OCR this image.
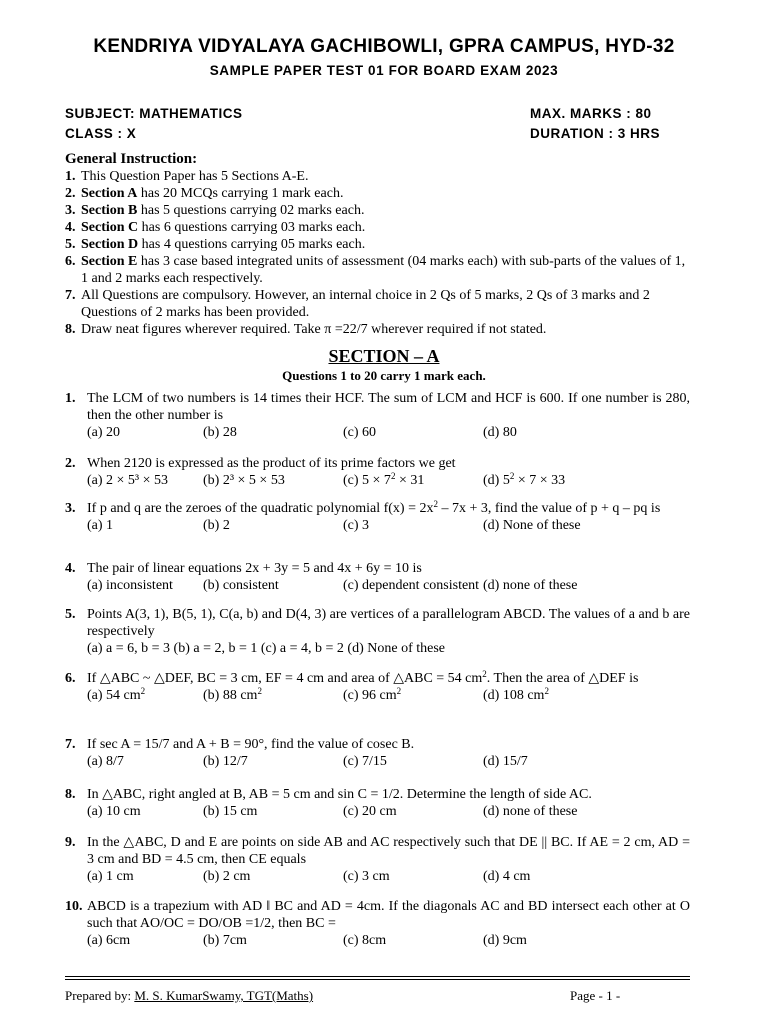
KENDRIYA VIDYALAYA GACHIBOWLI, GPRA CAMPUS, HYD-32
SAMPLE PAPER TEST 01 FOR BOARD EXAM 2023
SUBJECT: MATHEMATICS
CLASS : X
MAX. MARKS : 80
DURATION : 3 HRS
General Instruction:
1. This Question Paper has 5 Sections A-E.
2. Section A has 20 MCQs carrying 1 mark each.
3. Section B has 5 questions carrying 02 marks each.
4. Section C has 6 questions carrying 03 marks each.
5. Section D has 4 questions carrying 05 marks each.
6. Section E has 3 case based integrated units of assessment (04 marks each) with sub-parts of the values of 1, 1 and 2 marks each respectively.
7. All Questions are compulsory. However, an internal choice in 2 Qs of 5 marks, 2 Qs of 3 marks and 2 Questions of 2 marks has been provided.
8. Draw neat figures wherever required. Take π =22/7 wherever required if not stated.
SECTION – A
Questions 1 to 20 carry 1 mark each.
1. The LCM of two numbers is 14 times their HCF. The sum of LCM and HCF is 600. If one number is 280, then the other number is
(a) 20	(b) 28	(c) 60	(d) 80
2. When 2120 is expressed as the product of its prime factors we get
(a) 2 × 5³ × 53 (b) 2³ × 5 × 53	(c) $5 \times 7^2 \times 31$	(d) $5^2 \times 7 \times 33$
3. If p and q are the zeroes of the quadratic polynomial $f(x) = 2x^2 - 7x + 3$, find the value of p + q – pq is
(a) 1	(b) 2	(c) 3	(d) None of these
4. The pair of linear equations 2x + 3y = 5 and 4x + 6y = 10 is
(a) inconsistent (b) consistent	(c) dependent consistent (d) none of these
5. Points A(3, 1), B(5, 1), C(a, b) and D(4, 3) are vertices of a parallelogram ABCD. The values of a and b are respectively
(a) a = 6, b = 3 (b) a = 2, b = 1 (c) a = 4, b = 2 (d) None of these
6. If △ABC ~ △DEF, BC = 3 cm, EF = 4 cm and area of △ABC = 54 $cm^2$. Then the area of △DEF is
(a) 54 $cm^2$	(b) 88 $cm^2$	(c) 96 $cm^2$	(d) 108 $cm^2$
7. If sec A = 15/7 and A + B = 90°, find the value of cosec B.
(a) 8/7	(b) 12/7	(c) 7/15	(d) 15/7
8. In △ABC, right angled at B, AB = 5 cm and sin C = 1/2. Determine the length of side AC.
(a) 10 cm	(b) 15 cm	(c) 20 cm	(d) none of these
9. In the △ABC, D and E are points on side AB and AC respectively such that DE || BC. If AE = 2 cm, AD = 3 cm and BD = 4.5 cm, then CE equals
(a) 1 cm	(b) 2 cm	(c) 3 cm	(d) 4 cm
10. ABCD is a trapezium with AD ‖ BC and AD = 4cm. If the diagonals AC and BD intersect each other at O such that AO/OC = DO/OB =1/2, then BC =
(a) 6cm	(b) 7cm	(c) 8cm	(d) 9cm
Prepared by: M. S. KumarSwamy, TGT(Maths)	Page - 1 -
